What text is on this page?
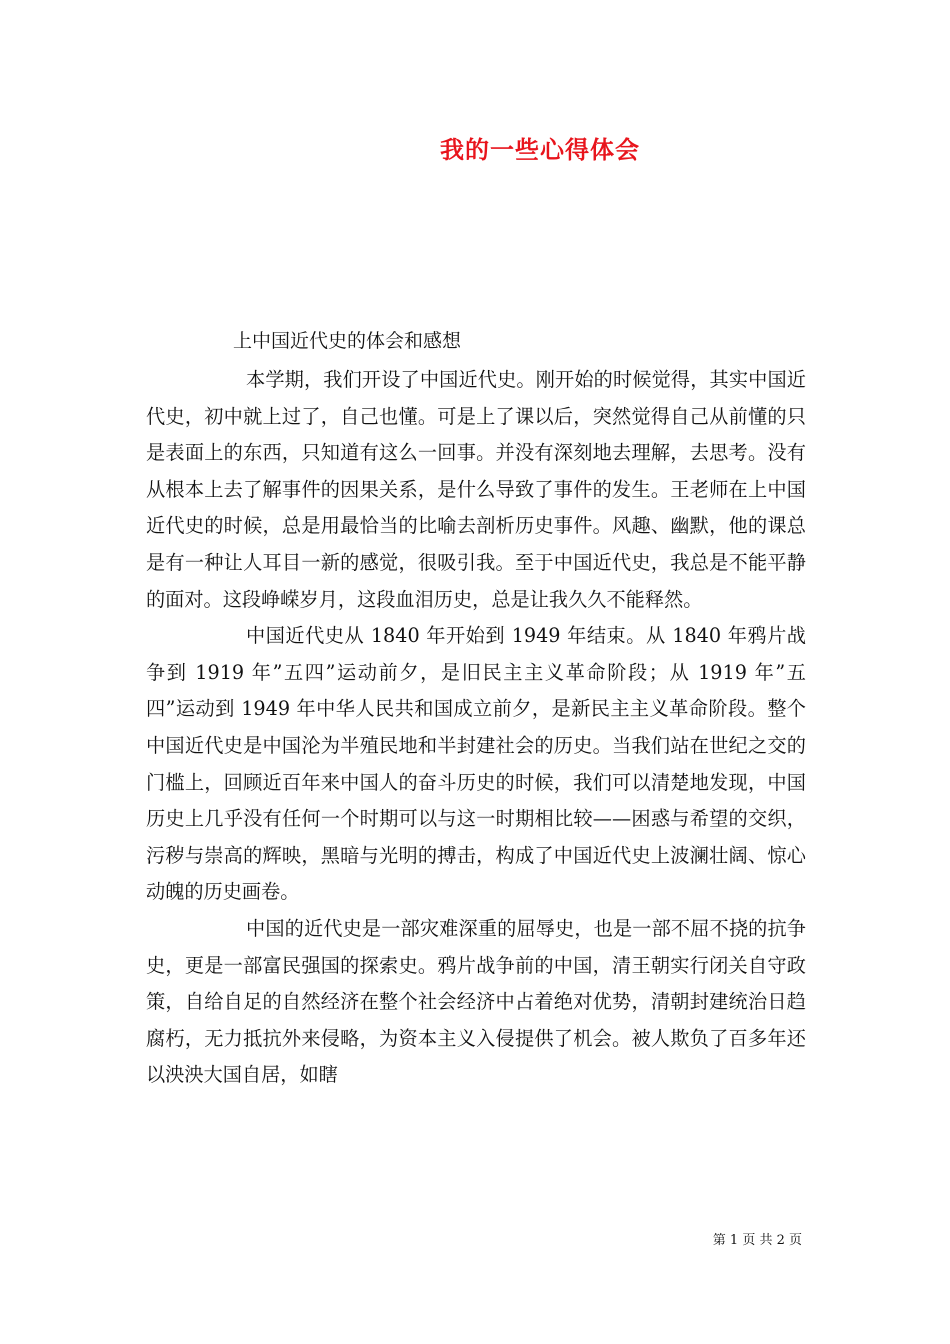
我的一些心得体会
上中国近代史的体会和感想

本学期，我们开设了中国近代史。刚开始的时候觉得，其实中国近代史，初中就上过了，自己也懂。可是上了课以后，突然觉得自己从前懂的只是表面上的东西，只知道有这么一回事。并没有深刻地去理解，去思考。没有从根本上去了解事件的因果关系，是什么导致了事件的发生。王老师在上中国近代史的时候，总是用最恰当的比喻去剖析历史事件。风趣、幽默，他的课总是有一种让人耳目一新的感觉，很吸引我。至于中国近代史，我总是不能平静的面对。这段峥嵘岁月，这段血泪历史，总是让我久久不能释然。

中国近代史从 1840 年开始到 1949 年结束。从 1840 年鸦片战争到 1919 年”五四”运动前夕，是旧民主主义革命阶段；从 1919 年”五四”运动到 1949 年中华人民共和国成立前夕，是新民主主义革命阶段。整个中国近代史是中国沦为半殖民地和半封建社会的历史。当我们站在世纪之交的门槛上，回顾近百年来中国人的奋斗历史的时候，我们可以清楚地发现，中国历史上几乎没有任何一个时期可以与这一时期相比较——困惑与希望的交织，污秽与崇高的辉映，黑暗与光明的搏击，构成了中国近代史上波澜壮阔、惊心动魄的历史画卷。

中国的近代史是一部灾难深重的屈辱史，也是一部不屈不挠的抗争史，更是一部富民强国的探索史。鸦片战争前的中国，清王朝实行闭关自守政策，自给自足的自然经济在整个社会经济中占着绝对优势，清朝封建统治日趋腐朽，无力抵抗外来侵略，为资本主义入侵提供了机会。被人欺负了百多年还以泱泱大国自居，如瞎

第 1 页 共 2 页
